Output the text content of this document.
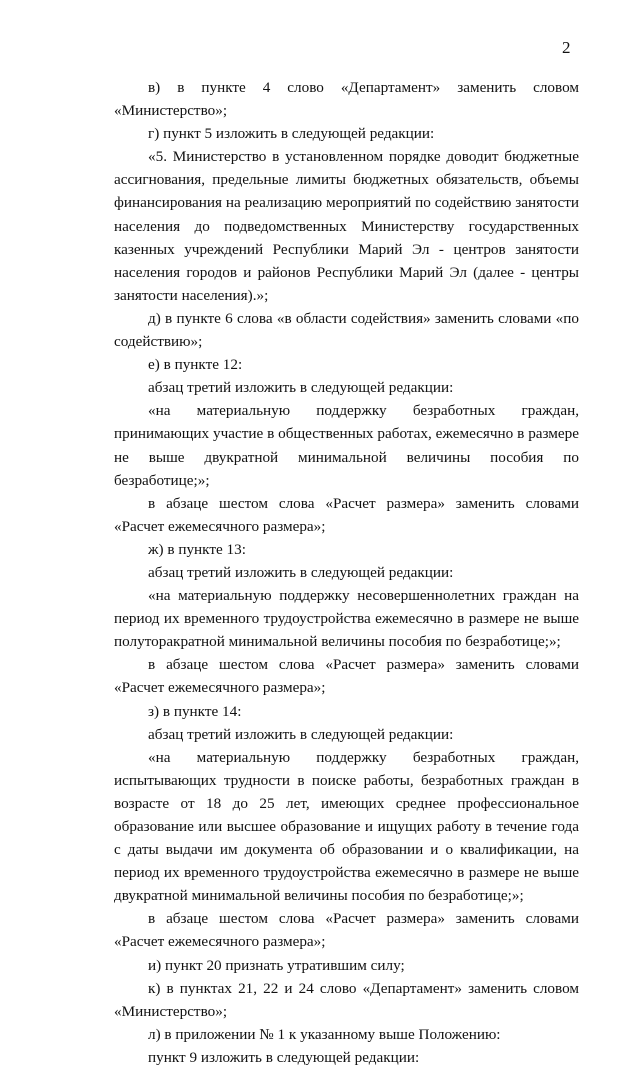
2

в) в пункте 4 слово «Департамент» заменить словом «Министерство»;

г) пункт 5 изложить в следующей редакции:

«5. Министерство в установленном порядке доводит бюджетные ассигнования, предельные лимиты бюджетных обязательств, объемы финансирования на реализацию мероприятий по содействию занятости населения до подведомственных Министерству государственных казенных учреждений Республики Марий Эл - центров занятости населения городов и районов Республики Марий Эл (далее - центры занятости населения).»;

д) в пункте 6 слова «в области содействия» заменить словами «по содействию»;

е) в пункте 12:

абзац третий изложить в следующей редакции:

«на материальную поддержку безработных граждан, принимающих участие в общественных работах, ежемесячно в размере не выше двукратной минимальной величины пособия по безработице;»;

в абзаце шестом слова «Расчет размера» заменить словами «Расчет ежемесячного размера»;

ж) в пункте 13:

абзац третий изложить в следующей редакции:

«на материальную поддержку несовершеннолетних граждан на период их временного трудоустройства ежемесячно в размере не выше полуторакратной минимальной величины пособия по безработице;»;

в абзаце шестом слова «Расчет размера» заменить словами «Расчет ежемесячного размера»;

з) в пункте 14:

абзац третий изложить в следующей редакции:

«на материальную поддержку безработных граждан, испытывающих трудности в поиске работы, безработных граждан в возрасте от 18 до 25 лет, имеющих среднее профессиональное образование или высшее образование и ищущих работу в течение года с даты выдачи им документа об образовании и о квалификации, на период их временного трудоустройства ежемесячно в размере не выше двукратной минимальной величины пособия по безработице;»;

в абзаце шестом слова «Расчет размера» заменить словами «Расчет ежемесячного размера»;

и) пункт 20 признать утратившим силу;

к) в пунктах 21, 22 и 24 слово «Департамент» заменить словом «Министерство»;

л) в приложении № 1 к указанному выше Положению:

пункт 9 изложить в следующей редакции:
